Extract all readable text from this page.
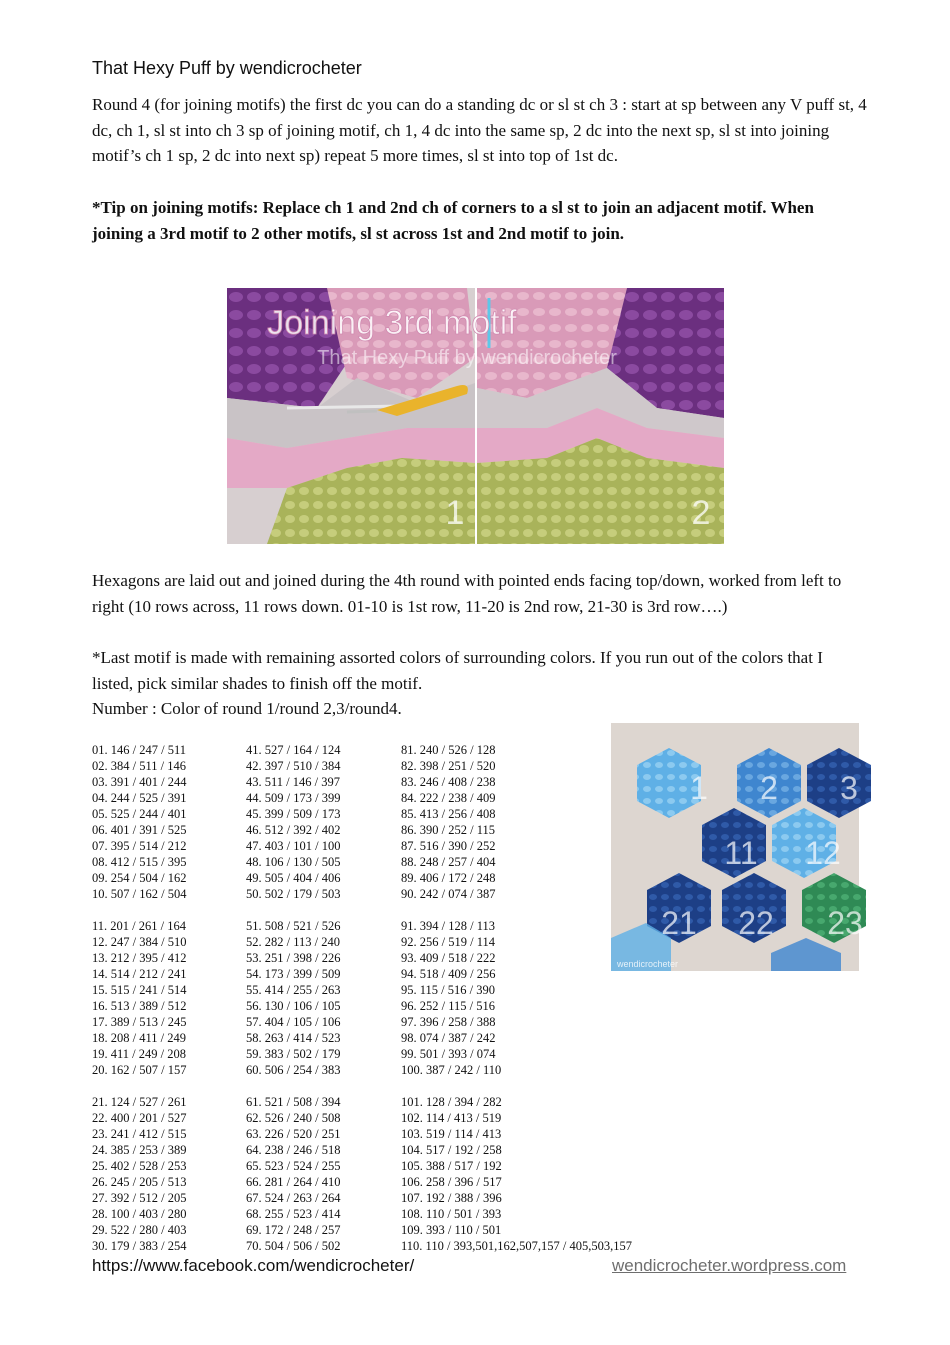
That Hexy Puff by wendicrocheter

Round 4 (for joining motifs) the first dc you can do a standing dc or sl st ch 3 : start at sp between any V puff st, 4 dc, ch 1, sl st into ch 3 sp of joining motif, ch 1, 4 dc into the same sp, 2 dc into the next sp, sl st into joining motif’s ch 1 sp, 2 dc into next sp) repeat 5 more times, sl st into top of 1st dc.

*Tip on joining motifs: Replace ch 1 and 2nd ch of corners to a sl st to join an adjacent motif. When joining a 3rd motif to 2 other motifs, sl st across 1st and 2nd motif to join.

Joining 3rd motif
That Hexy Puff by wendicrocheter
1	2

Hexagons are laid out and joined during the 4th round with pointed ends facing top/down, worked from left to right (10 rows across, 11 rows down. 01-10 is 1st row, 11-20 is 2nd row, 21-30 is 3rd row….)

*Last motif is made with remaining assorted colors of surrounding colors. If you run out of the colors that I listed, pick similar shades to finish off the motif.

Number : Color of round 1/round 2,3/round4.

1 2 3
11 12
21 22 23
wendicrocheter
01. 146 / 247 / 511
02. 384 / 511 / 146
03. 391 / 401 / 244
04. 244 / 525 / 391
05. 525 / 244 / 401
06. 401 / 391 / 525
07. 395 / 514 / 212
08. 412 / 515 / 395
09. 254 / 504 / 162
10. 507 / 162 / 504
11. 201 / 261 / 164
12. 247 / 384 / 510
13. 212 / 395 / 412
14. 514 / 212 / 241
15. 515 / 241 / 514
16. 513 / 389 / 512
17. 389 / 513 / 245
18. 208 / 411 / 249
19. 411 / 249 / 208
20. 162 / 507 / 157
21. 124 / 527 / 261
22. 400 / 201 / 527
23. 241 / 412 / 515
24. 385 / 253 / 389
25. 402 / 528 / 253
26. 245 / 205 / 513
27. 392 / 512 / 205
28. 100 / 403 / 280
29. 522 / 280 / 403
30. 179 / 383 / 254
41. 527 / 164 / 124
42. 397 / 510 / 384
43. 511 / 146 / 397
44. 509 / 173 / 399
45. 399 / 509 / 173
46. 512 / 392 / 402
47. 403 / 101 / 100
48. 106 / 130 / 505
49. 505 / 404 / 406
50. 502 / 179 / 503
51. 508 / 521 / 526
52. 282 / 113 / 240
53. 251 / 398 / 226
54. 173 / 399 / 509
55. 414 / 255 / 263
56. 130 / 106 / 105
57. 404 / 105 / 106
58. 263 / 414 / 523
59. 383 / 502 / 179
60. 506 / 254 / 383
61. 521 / 508 / 394
62. 526 / 240 / 508
63. 226 / 520 / 251
64. 238 / 246 / 518
65. 523 / 524 / 255
66. 281 / 264 / 410
67. 524 / 263 / 264
68. 255 / 523 / 414
69. 172 / 248 / 257
70. 504 / 506 / 502
81. 240 / 526 / 128
82. 398 / 251 / 520
83. 246 / 408 / 238
84. 222 / 238 / 409
85. 413 / 256 / 408
86. 390 / 252 / 115
87. 516 / 390 / 252
88. 248 / 257 / 404
89. 406 / 172 / 248
90. 242 / 074 / 387
91. 394 / 128 / 113
92. 256 / 519 / 114
93. 409 / 518 / 222
94. 518 / 409 / 256
95. 115 / 516 / 390
96. 252 / 115 / 516
97. 396 / 258 / 388
98. 074 / 387 / 242
99. 501 / 393 / 074
100. 387 / 242 / 110
101. 128 / 394 / 282
102. 114 / 413 / 519
103. 519 / 114 / 413
104. 517 / 192 / 258
105. 388 / 517 / 192
106. 258 / 396 / 517
107. 192 / 388 / 396
108. 110 / 501 / 393
109. 393 / 110 / 501
110. 110 / 393,501,162,507,157 / 405,503,157
https://www.facebook.com/wendicrocheter/	wendicrocheter.wordpress.com
